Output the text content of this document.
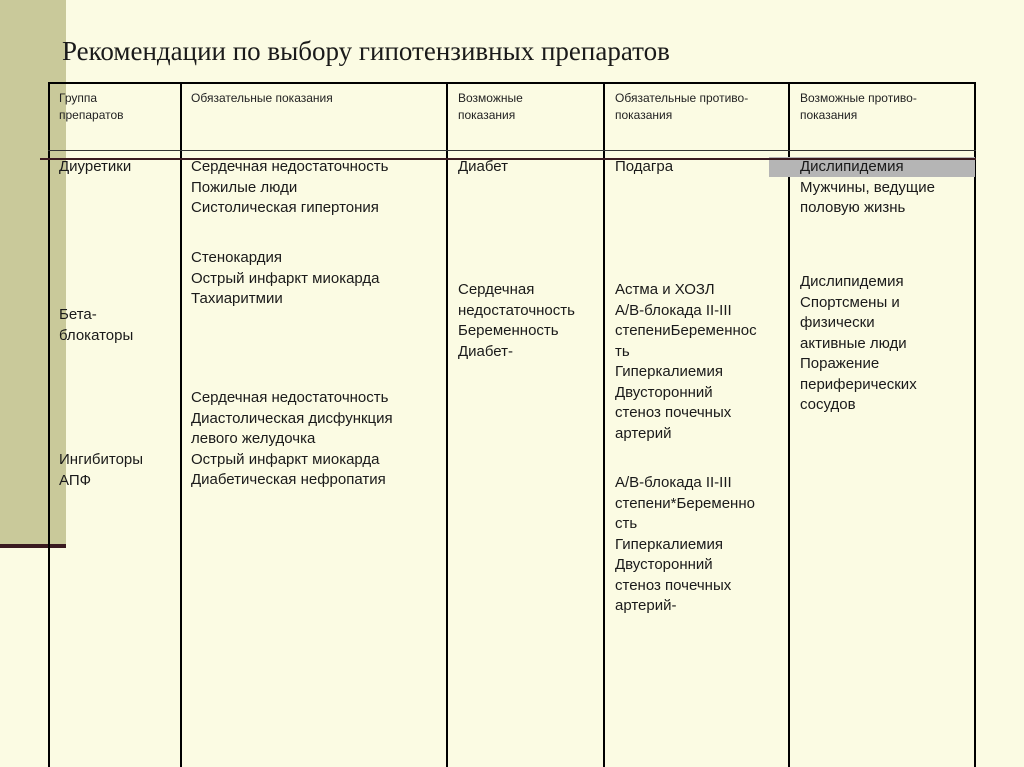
Рекомендации по выбору гипотензивных препаратов
Группа
препаратов
Обязательные показания	Возможные
показания
Обязательные противо-
показания
Возможные противо-
показания
Диуретики
Бета-
блокаторы
Ингибиторы
АПФ
Сердечная недостаточность
Пожилые люди
Систолическая гипертония
Стенокардия
Острый инфаркт миокарда
Тахиаритмии
Сердечная недостаточность
Диастолическая дисфункция
левого желудочка
Острый инфаркт миокарда
Диабетическая нефропатия
Диабет
Сердечная
недостаточность
Беременность
Диабет-
Подагра
Астма и ХОЗЛ
A/B-блокада II-III
степениБеременнос
ть
Гиперкалиемия
Двусторонний
стеноз почечных
артерий
A/B-блокада II-III
степени*Беременно
сть
Гиперкалиемия
Двусторонний
стеноз почечных
артерий-
Дислипидемия
Мужчины, ведущие
половую жизнь
Дислипидемия
Спортсмены и
физически
активные люди
Поражение
периферических
сосудов
